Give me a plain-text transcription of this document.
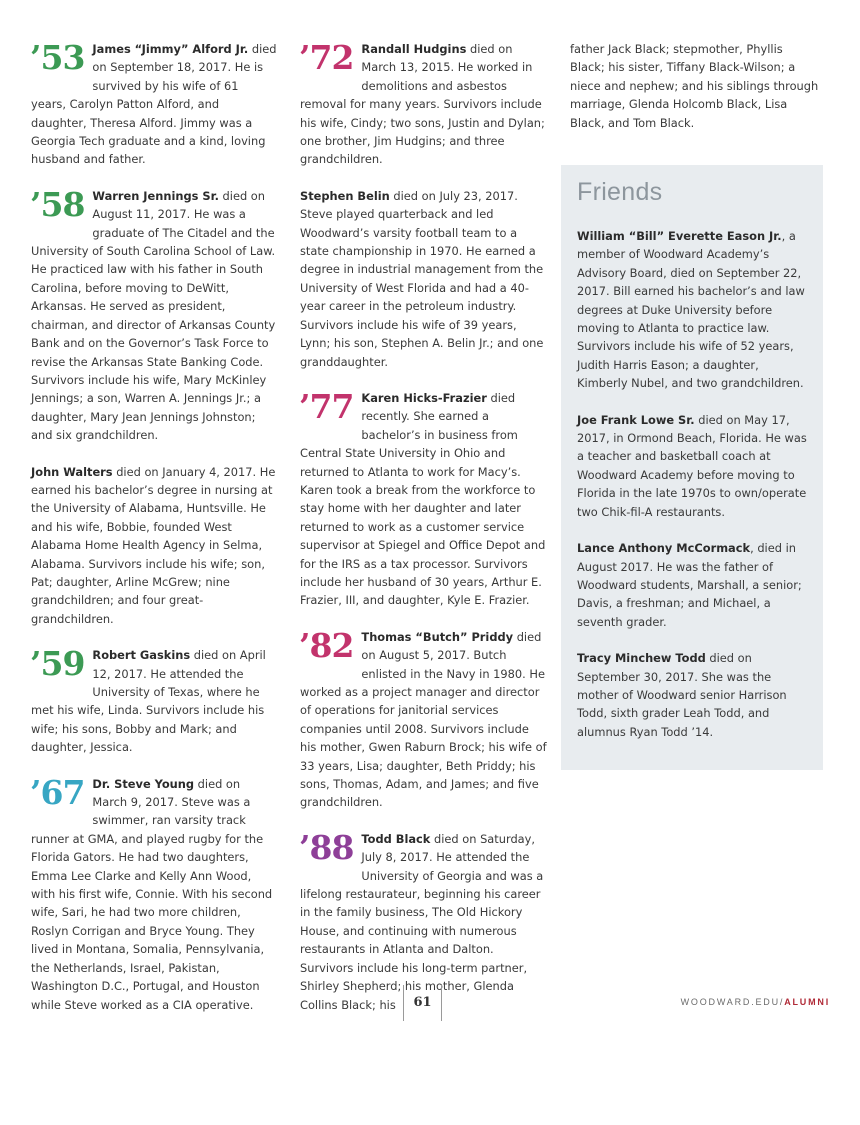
’53 James “Jimmy” Alford Jr. died on September 18, 2017. He is survived by his wife of 61 years, Carolyn Patton Alford, and daughter, Theresa Alford. Jimmy was a Georgia Tech graduate and a kind, loving husband and father.
’58 Warren Jennings Sr. died on August 11, 2017. He was a graduate of The Citadel and the University of South Carolina School of Law. He practiced law with his father in South Carolina, before moving to DeWitt, Arkansas. He served as president, chairman, and director of Arkansas County Bank and on the Governor’s Task Force to revise the Arkansas State Banking Code. Survivors include his wife, Mary McKinley Jennings; a son, Warren A. Jennings Jr.; a daughter, Mary Jean Jennings Johnston; and six grandchildren.
John Walters died on January 4, 2017. He earned his bachelor’s degree in nursing at the University of Alabama, Huntsville. He and his wife, Bobbie, founded West Alabama Home Health Agency in Selma, Alabama. Survivors include his wife; son, Pat; daughter, Arline McGrew; nine grandchildren; and four great-grandchildren.
’59 Robert Gaskins died on April 12, 2017. He attended the University of Texas, where he met his wife, Linda. Survivors include his wife; his sons, Bobby and Mark; and daughter, Jessica.
’67 Dr. Steve Young died on March 9, 2017. Steve was a swimmer, ran varsity track runner at GMA, and played rugby for the Florida Gators. He had two daughters, Emma Lee Clarke and Kelly Ann Wood, with his first wife, Connie. With his second wife, Sari, he had two more children, Roslyn Corrigan and Bryce Young. They lived in Montana, Somalia, Pennsylvania, the Netherlands, Israel, Pakistan, Washington D.C., Portugal, and Houston while Steve worked as a CIA operative.
’72 Randall Hudgins died on March 13, 2015. He worked in demolitions and asbestos removal for many years. Survivors include his wife, Cindy; two sons, Justin and Dylan; one brother, Jim Hudgins; and three grandchildren.
Stephen Belin died on July 23, 2017. Steve played quarterback and led Woodward’s varsity football team to a state championship in 1970. He earned a degree in industrial management from the University of West Florida and had a 40-year career in the petroleum industry. Survivors include his wife of 39 years, Lynn; his son, Stephen A. Belin Jr.; and one granddaughter.
’77 Karen Hicks-Frazier died recently. She earned a bachelor’s in business from Central State University in Ohio and returned to Atlanta to work for Macy’s. Karen took a break from the workforce to stay home with her daughter and later returned to work as a customer service supervisor at Spiegel and Office Depot and for the IRS as a tax processor. Survivors include her husband of 30 years, Arthur E. Frazier, III, and daughter, Kyle E. Frazier.
’82 Thomas “Butch” Priddy died on August 5, 2017. Butch enlisted in the Navy in 1980. He worked as a project manager and director of operations for janitorial services companies until 2008. Survivors include his mother, Gwen Raburn Brock; his wife of 33 years, Lisa; daughter, Beth Priddy; his sons, Thomas, Adam, and James; and five grandchildren.
’88 Todd Black died on Saturday, July 8, 2017. He attended the University of Georgia and was a lifelong restaurateur, beginning his career in the family business, The Old Hickory House, and continuing with numerous restaurants in Atlanta and Dalton. Survivors include his long-term partner, Shirley Shepherd; his mother, Glenda Collins Black; his
father Jack Black; stepmother, Phyllis Black; his sister, Tiffany Black-Wilson; a niece and nephew; and his siblings through marriage, Glenda Holcomb Black, Lisa Black, and Tom Black.
Friends
William “Bill” Everette Eason Jr., a member of Woodward Academy’s Advisory Board, died on September 22, 2017. Bill earned his bachelor’s and law degrees at Duke University before moving to Atlanta to practice law. Survivors include his wife of 52 years, Judith Harris Eason; a daughter, Kimberly Nubel, and two grandchildren.
Joe Frank Lowe Sr. died on May 17, 2017, in Ormond Beach, Florida. He was a teacher and basketball coach at Woodward Academy before moving to Florida in the late 1970s to own/operate two Chik-fil-A restaurants.
Lance Anthony McCormack, died in August 2017. He was the father of Woodward students, Marshall, a senior; Davis, a freshman; and Michael, a seventh grader.
Tracy Minchew Todd died on September 30, 2017. She was the mother of Woodward senior Harrison Todd, sixth grader Leah Todd, and alumnus Ryan Todd ’14.
61	WOODWARD.EDU/ALUMNI
